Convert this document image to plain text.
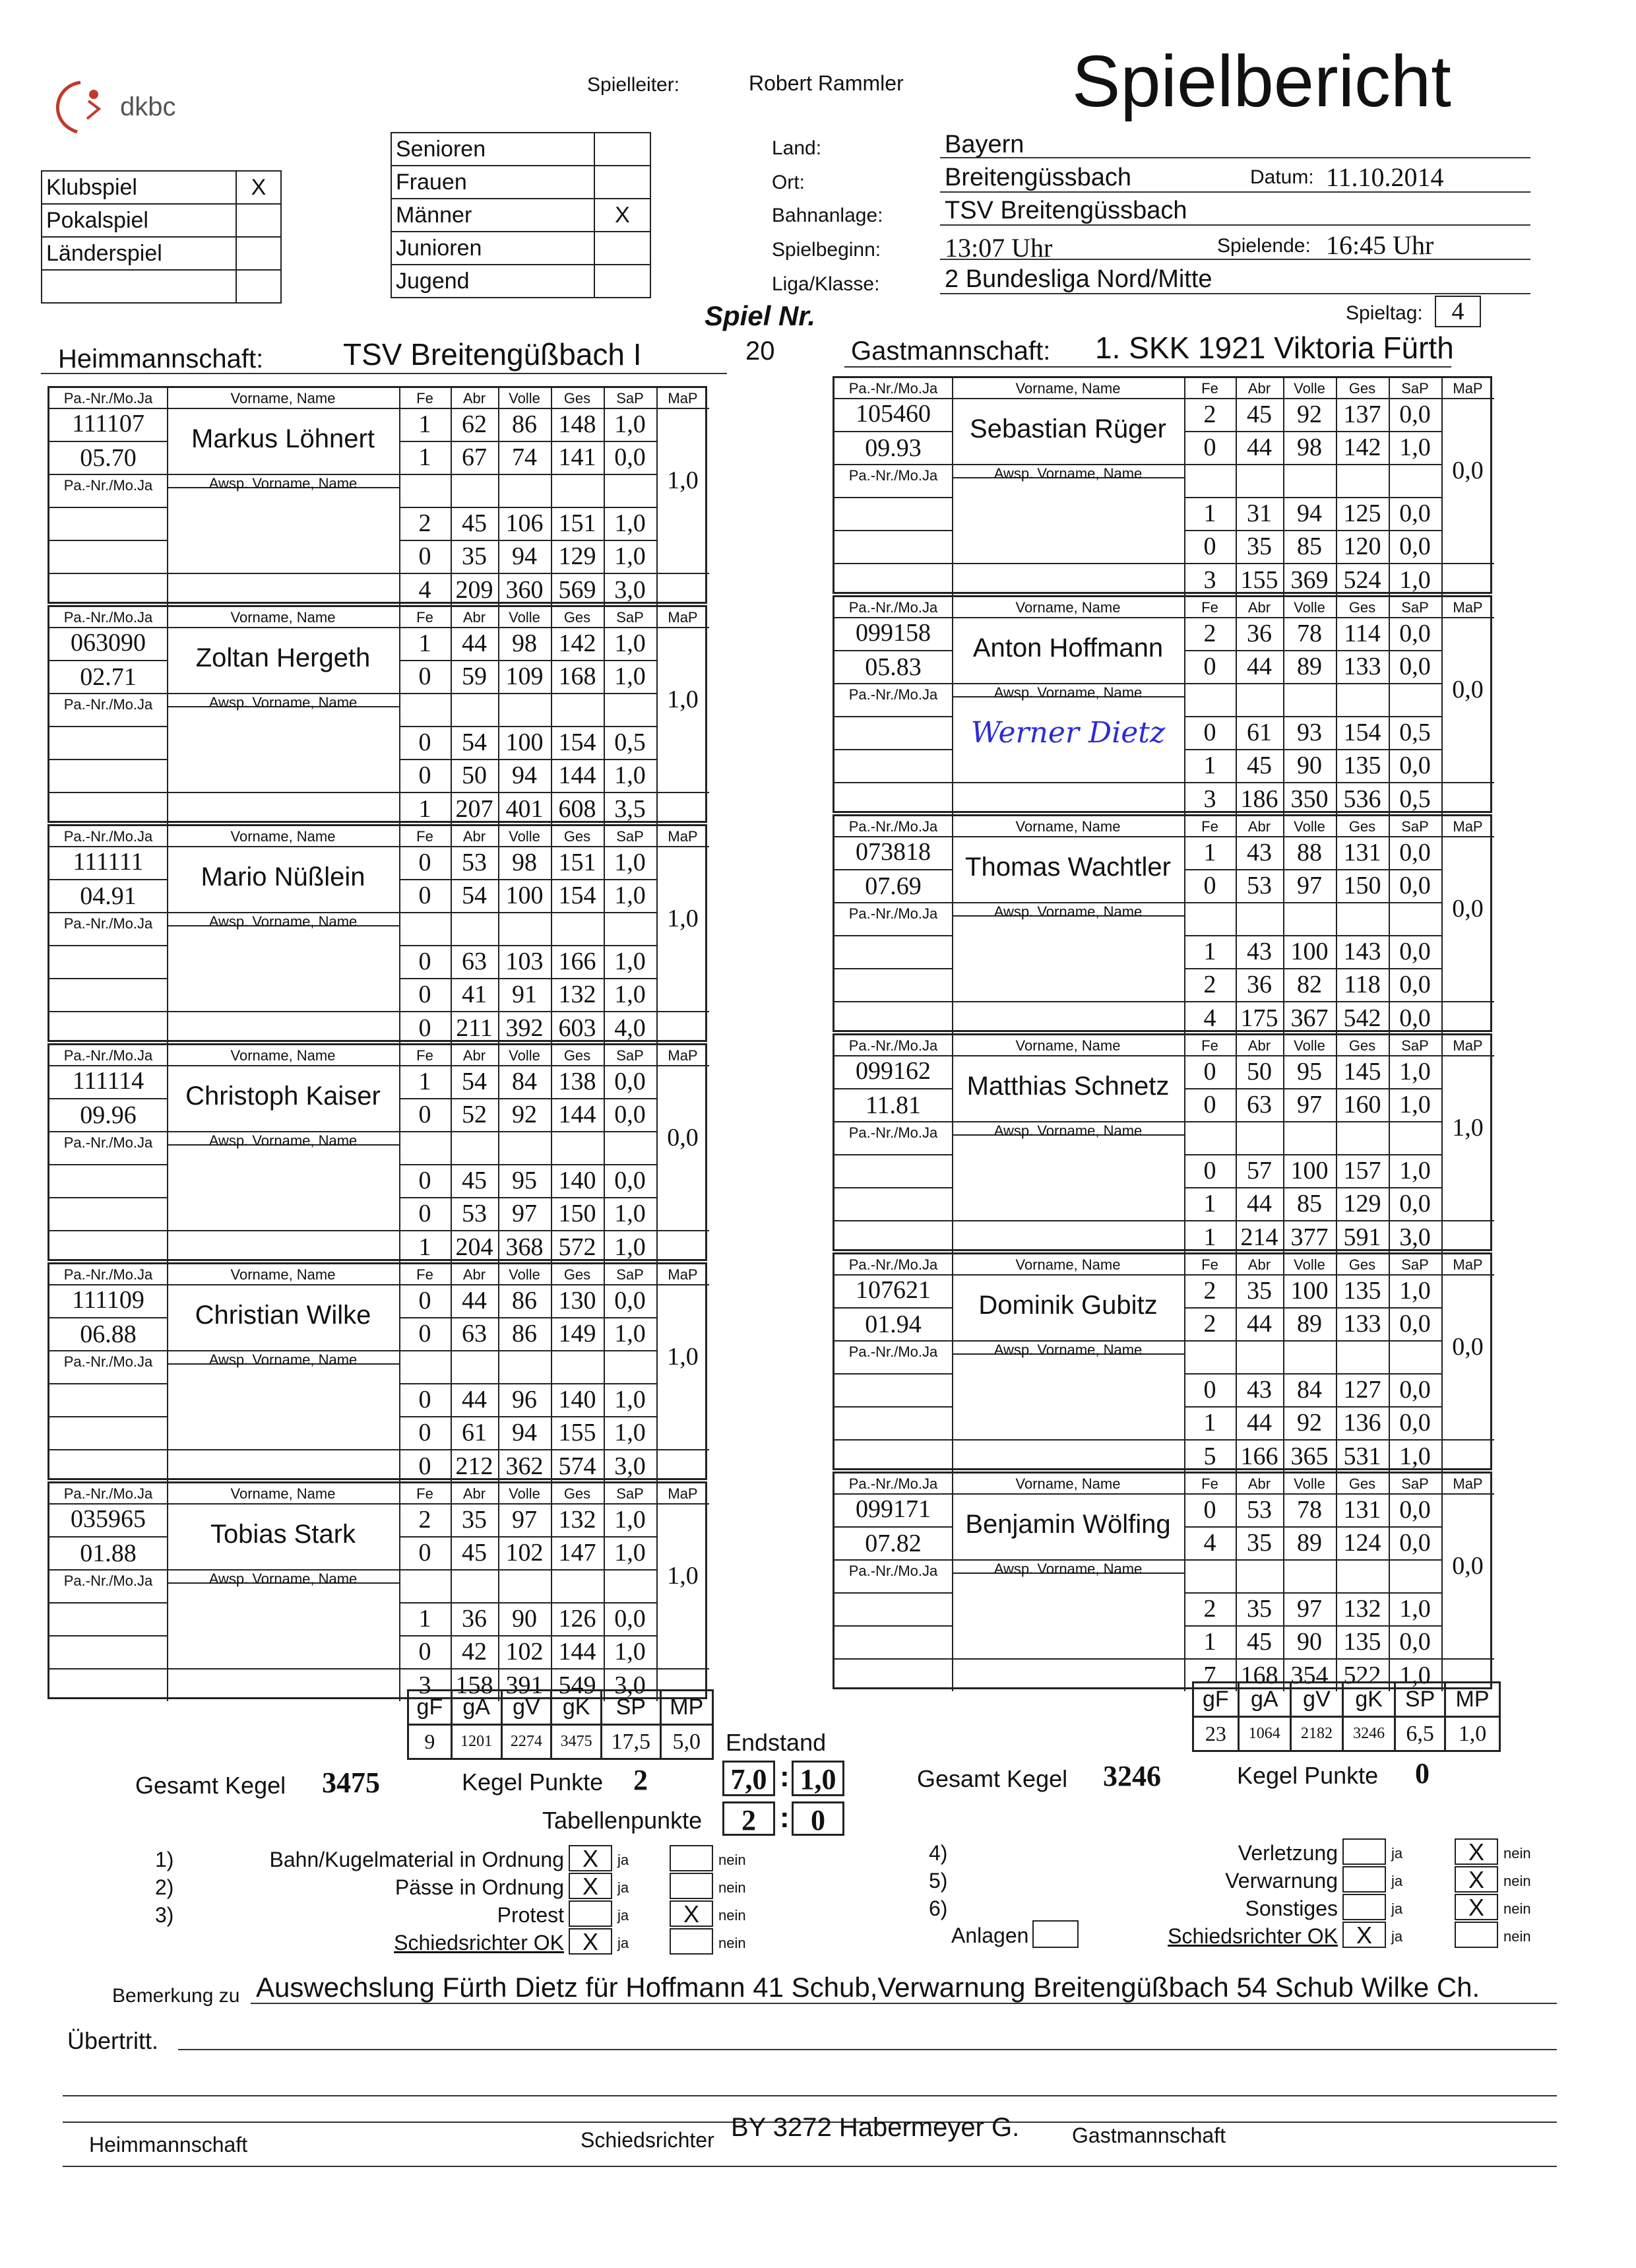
dkbc
Spielleiter:	Robert Rammler Spielbericht
Klubspiel	X
Pokalspiel	
Länderspiel	

Senioren	
Frauen	
Männer	X
Junioren	
Jugend	
Land:	Bayern
Ort:	Breitengüssbach	Datum: 11.10.2014
Bahnanlage: TSV Breitengüssbach
Spielbeginn: 13:07 Uhr	Spielende: 16:45 Uhr
Liga/Klasse:	2 Bundesliga Nord/Mitte
Spieltag:	4
Spiel Nr.
20
Heimmannschaft:	TSV Breitengüßbach I	Gastmannschaft: 1. SKK 1921 Viktoria Fürth
Pa.-Nr./Mo.Ja	Vorname, Name
Pa.-Nr./Mo.Ja	Awsp. Vorname, Name
Fe	Abr	Volle	Ges	SaP	MaP
111107
05.70
Markus Löhnert
1,0
1	62	86 148 1,0
1	67	74 141 0,0
2	45 106 151 1,0
0	35	94 129 1,0
4 209 360 569 3,0
Pa.-Nr./Mo.Ja	Vorname, Name
Pa.-Nr./Mo.Ja	Awsp. Vorname, Name
Fe	Abr	Volle	Ges	SaP	MaP
063090
02.71
Zoltan Hergeth
1,0
1	44	98 142 1,0
0	59 109 168 1,0
0	54 100 154 0,5
0	50	94 144 1,0
1 207 401 608 3,5
Pa.-Nr./Mo.Ja	Vorname, Name
Pa.-Nr./Mo.Ja	Awsp. Vorname, Name
Fe	Abr	Volle	Ges	SaP	MaP
111111
04.91
Mario Nüßlein
1,0
0	53	98 151 1,0
0	54 100 154 1,0
0	63 103 166 1,0
0	41	91 132 1,0
0 211 392 603 4,0
Pa.-Nr./Mo.Ja	Vorname, Name
Pa.-Nr./Mo.Ja	Awsp. Vorname, Name
Fe	Abr	Volle	Ges	SaP	MaP
111114
09.96
Christoph Kaiser
0,0
1	54	84 138 0,0
0	52	92 144 0,0
0	45	95 140 0,0
0	53	97 150 1,0
1 204 368 572 1,0
Pa.-Nr./Mo.Ja	Vorname, Name
Pa.-Nr./Mo.Ja	Awsp. Vorname, Name
Fe	Abr	Volle	Ges	SaP	MaP
111109
06.88
Christian Wilke
1,0
0	44	86 130 0,0
0	63	86 149 1,0
0	44	96 140 1,0
0	61	94 155 1,0
0 212 362 574 3,0
Pa.-Nr./Mo.Ja	Vorname, Name
Pa.-Nr./Mo.Ja	Awsp. Vorname, Name
Fe	Abr	Volle	Ges	SaP	MaP
035965
01.88
Tobias Stark
1,0
2	35	97 132 1,0
0	45 102 147 1,0
1	36	90 126 0,0
0	42 102 144 1,0
3 158 391 549 3,0
Pa.-Nr./Mo.Ja	Vorname, Name
Pa.-Nr./Mo.Ja	Awsp. Vorname, Name
Fe	Abr	Volle	Ges	SaP	MaP
105460
09.93
Sebastian Rüger
0,0
2	45	92 137 0,0
0	44	98 142 1,0
1	31	94 125 0,0
0	35	85 120 0,0
3 155 369 524 1,0
Pa.-Nr./Mo.Ja	Vorname, Name
Pa.-Nr./Mo.Ja	Awsp. Vorname, Name
Fe	Abr	Volle	Ges	SaP	MaP
099158
05.83
Anton Hoffmann
Werner Dietz
0,0
2	36	78 114 0,0
0	44	89 133 0,0
0	61	93 154 0,5
1	45	90 135 0,0
3 186 350 536 0,5
Pa.-Nr./Mo.Ja	Vorname, Name
Pa.-Nr./Mo.Ja	Awsp. Vorname, Name
Fe	Abr	Volle	Ges	SaP	MaP
073818
07.69
Thomas Wachtler
0,0
1	43	88 131 0,0
0	53	97 150 0,0
1	43 100 143 0,0
2	36	82 118 0,0
4 175 367 542 0,0
Pa.-Nr./Mo.Ja	Vorname, Name
Pa.-Nr./Mo.Ja	Awsp. Vorname, Name
Fe	Abr	Volle	Ges	SaP	MaP
099162
11.81
Matthias Schnetz
1,0
0	50	95 145 1,0
0	63	97 160 1,0
0	57 100 157 1,0
1	44	85 129 0,0
1 214 377 591 3,0
Pa.-Nr./Mo.Ja	Vorname, Name
Pa.-Nr./Mo.Ja	Awsp. Vorname, Name
Fe	Abr	Volle	Ges	SaP	MaP
107621
01.94
Dominik Gubitz
0,0
2	35 100 135 1,0
2	44	89 133 0,0
0	43	84 127 0,0
1	44	92 136 0,0
5 166 365 531 1,0
Pa.-Nr./Mo.Ja	Vorname, Name
Pa.-Nr./Mo.Ja	Awsp. Vorname, Name
Fe	Abr	Volle	Ges	SaP	MaP
099171
07.82
Benjamin Wölfing
0,0
0	53	78 131 0,0
4	35	89 124 0,0
2	35	97 132 1,0
1	45	90 135 0,0
7 168 354 522 1,0
gF	gA	gV	gK	SP	MP
9	1201	2274	3475	17,5	5,0
gF	gA	gV	gK	SP	MP
23	1064	2182	3246	6,5	1,0
Endstand
Gesamt Kegel 3475	Kegel Punkte 2	7,0 : 1,0
Tabellenpunkte	2 : 0
Gesamt Kegel 3246	Kegel Punkte 0
1)	Bahn/Kugelmaterial in Ordnung X	ja	nein
2)	Pässe in Ordnung X	ja	nein
3)	Protest	ja	X	nein
Schiedsrichter OK X	ja	nein
4)	Verletzung	ja	X	nein
5)	Verwarnung	ja	X	nein
6)	Sonstiges	ja	X	nein
Schiedsrichter OK X	ja	nein
Anlagen
Bemerkung zu Auswechslung Fürth Dietz für Hoffmann 41 Schub,Verwarnung Breitengüßbach 54 Schub Wilke Ch.
Übertritt.
Heimmannschaft	Schiedsrichter BY 3272 Habermeyer G. Gastmannschaft
